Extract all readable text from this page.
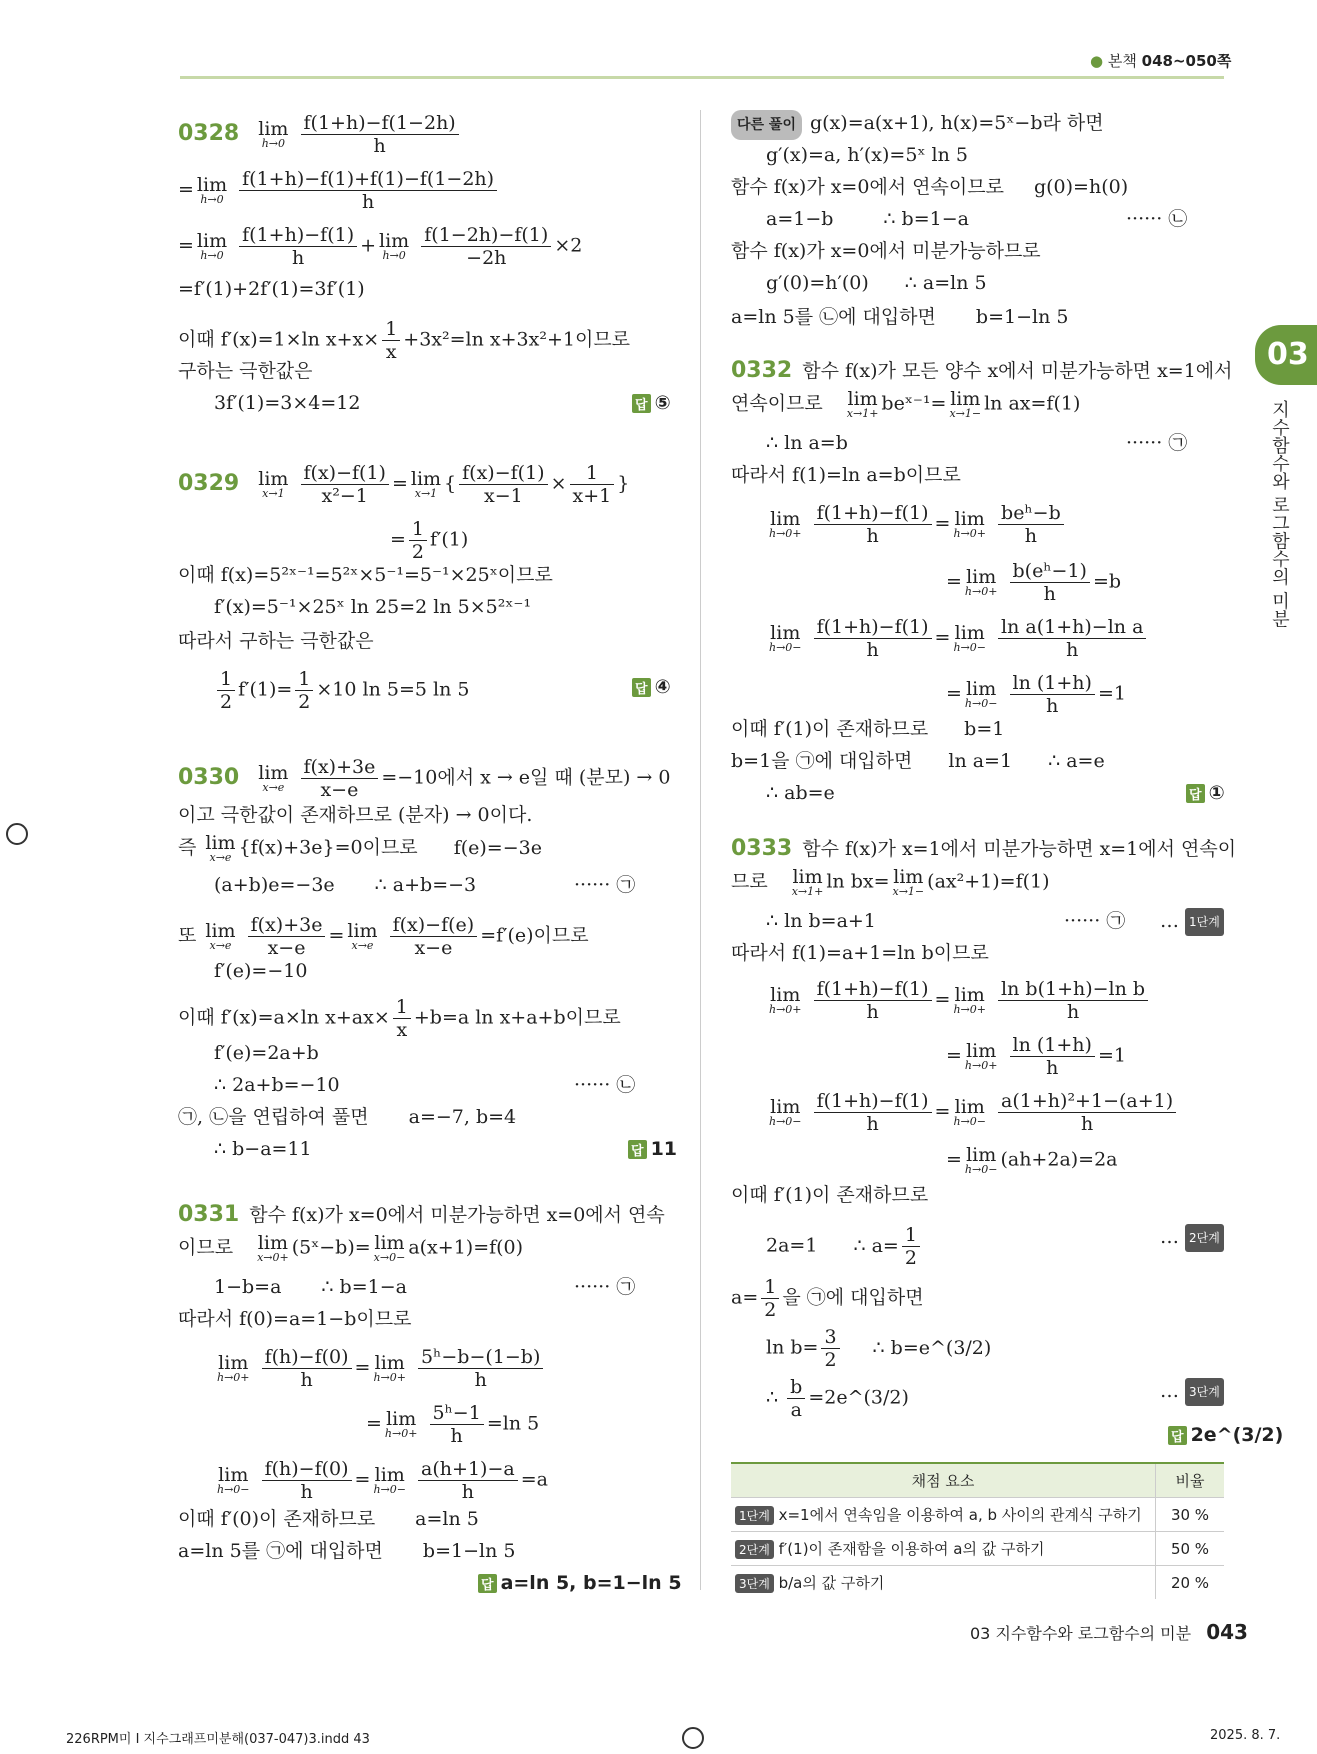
● 본책 048~050쪽
03
지수함수와 로그함수의 미분
0328 lim
h→0
$\frac{f(1+h)-f(1-2h)}{h}$
= lim
h→0
$\frac{f(1+h)-f(1)+f(1)-f(1-2h)}{h}$
= lim
h→0
$\frac{f(1+h)-f(1)}{h} + \lim$
h→0
$\frac{f(1-2h)-f(1)}{-2h} \times 2$
=f′(1)+2f′(1)=3f′(1)
이때 f′(x)=1×ln $x+x\times \frac{1}{x} +3x^2=\ln$ x+3x²+1이므로
구하는 극한값은
3f′(1)=3×4=12	답 ⑤
0329 lim
x→1
$\frac{f(x)-f(1)}{\text{x²−1}} = \lim$
x→1 { $\frac{f(x)-f(1)}{x-1} \times \frac{1}{x+1}$ }
= $\frac{1}{2} f'(1)$
이때 f(x)=5²ˣ⁻¹=5²ˣ×5⁻¹=5⁻¹×25ˣ이므로
f′(x)=5⁻¹×25ˣ ln 25=2 ln 5×5²ˣ⁻¹
따라서 구하는 극한값은
$\frac{1}{2} f'(1)= \frac{1}{2} \times 10$ ln 5=5 ln 5	답 ④
0330 lim
x→e
$\frac{f(x)+3e}{x-e} =-10$에서 x → e일 때 (분모) → 0
이고 극한값이 존재하므로 (분자) → 0이다.
즉 lim
x→e {f(x)+3e}=0이므로 f(e)=−3e
(a+b)e=−3e ∴ a+b=−3	······ ㉠
또 lim
x→e
$\frac{f(x)+3e}{x-e} = \lim$
x→e
$\frac{f(x)-f(e)}{x-e} =f'(e)$이므로
f′(e)=−10
이때 f′(x)=a×ln $x+ax\times \frac{1}{x} +b=a$ ln x+a+b이므로
f′(e)=2a+b
∴ 2a+b=−10	······ ㉡
㉠, ㉡을 연립하여 풀면 a=−7, b=4
∴ b−a=11	답 11
0331 함수 f(x)가 x=0에서 미분가능하면 x=0에서 연속
이므로 lim
x→0+ (5ˣ−b)= lim
x→0− a(x+1)=f(0)
1−b=a ∴ b=1−a	······ ㉠
따라서 f(0)=a=1−b이므로
lim
h→0+
$\frac{f(h)-f(0)}{h} = \lim$
h→0+
$\frac{\text{5ʰ−b−(1−b)}}{h}$
= lim
h→0+
$\frac{\text{5ʰ−1}}{h} =\ln$ 5
lim
h→0−
$\frac{f(h)-f(0)}{h} = \lim$
h→0−
$\frac{a(h+1)-a}{h} =a$
이때 f′(0)이 존재하므로 a=ln 5
a=ln 5를 ㉠에 대입하면 b=1−ln 5
답 a=ln 5, b=1−ln 5
다른 풀이 g(x)=a(x+1), h(x)=5ˣ−b라 하면
g′(x)=a, h′(x)=5ˣ ln 5
함수 f(x)가 x=0에서 연속이므로 g(0)=h(0)
a=1−b	∴ b=1−a	······ ㉡
함수 f(x)가 x=0에서 미분가능하므로
g′(0)=h′(0) ∴ a=ln 5
a=ln 5를 ㉡에 대입하면 b=1−ln 5
0332 함수 f(x)가 모든 양수 x에서 미분가능하면 x=1에서
연속이므로 lim
x→1+ beˣ⁻¹= lim
x→1− ln ax=f(1)
∴ ln a=b	······ ㉠
따라서 f(1)=ln a=b이므로
lim
h→0+
$\frac{f(1+h)-f(1)}{h} = \lim$
h→0+
$\frac{\text{beʰ−b}}{h}$
= lim
h→0+
$\frac{\text{b(eʰ−1)}}{h} =b$
lim
h→0−
$\frac{f(1+h)-f(1)}{h} = \lim$
h→0−
$\frac{\text{ln a(1+h)−ln a}}{h}$
= lim
h→0−
$\frac{\ln (1+h)}{h} =1$
이때 f′(1)이 존재하므로 b=1
b=1을 ㉠에 대입하면 ln a=1 ∴ a=e
∴ ab=e	답 ①
0333 함수 f(x)가 x=1에서 미분가능하면 x=1에서 연속이
므로 lim
x→1+ ln bx= lim
x→1− (ax²+1)=f(1)
∴ ln b=a+1	······ ㉠ … 1단계
따라서 f(1)=a+1=ln b이므로
lim
h→0+
$\frac{f(1+h)-f(1)}{h} = \lim$
h→0+
$\frac{\text{ln b(1+h)−ln b}}{h}$
= lim
h→0+
$\frac{\ln (1+h)}{h} =1$
lim
h→0−
$\frac{f(1+h)-f(1)}{h} = \lim$
h→0−
$\frac{\text{a(1+h)²+1−(a+1)}}{h}$
= lim
h→0− (ah+2a)=2a
이때 f′(1)이 존재하므로
2a=1 ∴ $a= \frac{1}{2}$	… 2단계
$a= \frac{1}{2}$ 을 ㉠에 대입하면
$\ln b= \frac{3}{2}$ ∴ b=e^(3/2)
∴ $\frac{b}{a}$ =2e^(3/2)	… 3단계
답 2e^(3/2)
채점 요소	비율
1단계 x=1에서 연속임을 이용하여 a, b 사이의 관계식 구하기	30 %
2단계 f′(1)이 존재함을 이용하여 a의 값 구하기	50 %
3단계 b/a의 값 구하기	20 %
03 지수함수와 로그함수의 미분 043
226RPM미 I 지수그래프미분해(037-047)3.indd 43	2025. 8. 7.
